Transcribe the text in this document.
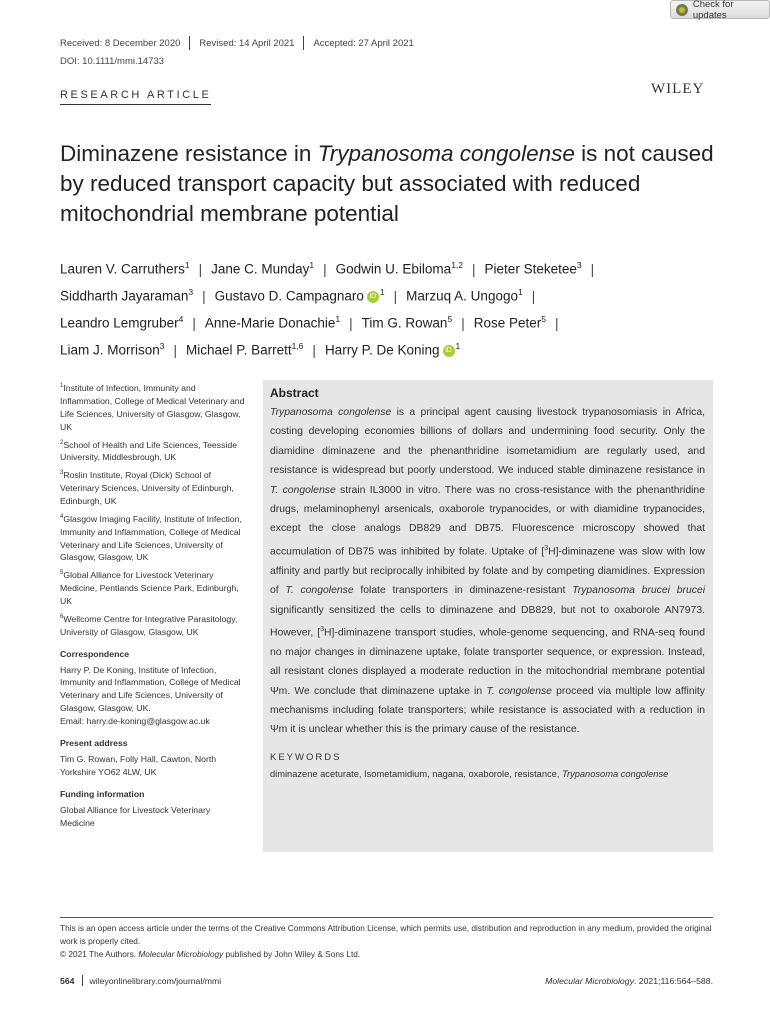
Check for updates
Received: 8 December 2020 Revised: 14 April 2021 Accepted: 27 April 2021
DOI: 10.1111/mmi.14733
RESEARCH ARTICLE	WILEY
Diminazene resistance in Trypanosoma congolense is not caused by reduced transport capacity but associated with reduced mitochondrial membrane potential
Lauren V. Carruthers$^1$ | Jane C. Munday$^1$ | Godwin U. Ebiloma$^{1,2}$ | Pieter Steketee$^3$ |
Siddharth Jayaraman$^3$ | Gustavo D. Campagnaro iD $^1$ | Marzuq A. Ungogo$^1$ |
Leandro Lemgruber$^4$ | Anne-Marie Donachie$^1$ | Tim G. Rowan$^5$ | Rose Peter$^5$ |
Liam J. Morrison$^3$ | Michael P. Barrett$^{1,6}$ | Harry P. De Koning iD $^1$

$^1$Institute of Infection, Immunity and Inflammation, College of Medical Veterinary and Life Sciences, University of Glasgow, Glasgow, UK

$^2$School of Health and Life Sciences, Teesside University, Middlesbrough, UK

$^3$Roslin Institute, Royal (Dick) School of Veterinary Sciences, University of Edinburgh, Edinburgh, UK

$^4$Glasgow Imaging Facility, Institute of Infection, Immunity and Inflammation, College of Medical Veterinary and Life Sciences, University of Glasgow, Glasgow, UK

$^5$Global Alliance for Livestock Veterinary Medicine, Pentlands Science Park, Edinburgh, UK

$^6$Wellcome Centre for Integrative Parasitology, University of Glasgow, Glasgow, UK

Correspondence

Harry P. De Koning, Institute of Infection, Immunity and Inflammation, College of Medical Veterinary and Life Sciences, University of Glasgow, Glasgow, UK.
Email: harry.de-koning@glasgow.ac.uk

Present address

Tim G. Rowan, Folly Hall, Cawton, North Yorkshire YO62 4LW, UK

Funding information

Global Alliance for Livestock Veterinary Medicine

Abstract
Trypanosoma congolense is a principal agent causing livestock trypanosomiasis in Africa, costing developing economies billions of dollars and undermining food security. Only the diamidine diminazene and the phenanthridine isometamidium are regularly used, and resistance is widespread but poorly understood. We induced stable diminazene resistance in T. congolense strain IL3000 in vitro. There was no cross-resistance with the phenanthridine drugs, melaminophenyl arsenicals, oxaborole trypanocides, or with diamidine trypanocides, except the close analogs DB829 and DB75. Fluorescence microscopy showed that accumulation of DB75 was inhibited by folate. Uptake of [$^3$H]-diminazene was slow with low affinity and partly but reciprocally inhibited by folate and by competing diamidines. Expression of T. congolense folate transporters in diminazene-resistant Trypanosoma brucei brucei significantly sensitized the cells to diminazene and DB829, but not to oxaborole AN7973. However, [$^3$H]-diminazene transport studies, whole-genome sequencing, and RNA-seq found no major changes in diminazene uptake, folate transporter sequence, or expression. Instead, all resistant clones displayed a moderate reduction in the mitochondrial membrane potential Ψm. We conclude that diminazene uptake in T. congolense proceed via multiple low affinity mechanisms including folate transporters; while resistance is associated with a reduction in Ψm it is unclear whether this is the primary cause of the resistance.
KEYWORDS
diminazene aceturate, Isometamidium, nagana, oxaborole, resistance, Trypanosoma congolense
This is an open access article under the terms of the Creative Commons Attribution License, which permits use, distribution and reproduction in any medium, provided the original work is properly cited.
© 2021 The Authors. Molecular Microbiology published by John Wiley & Sons Ltd.
564 wileyonlinelibrary.com/journal/mmi	Molecular Microbiology. 2021;116:564–588.
